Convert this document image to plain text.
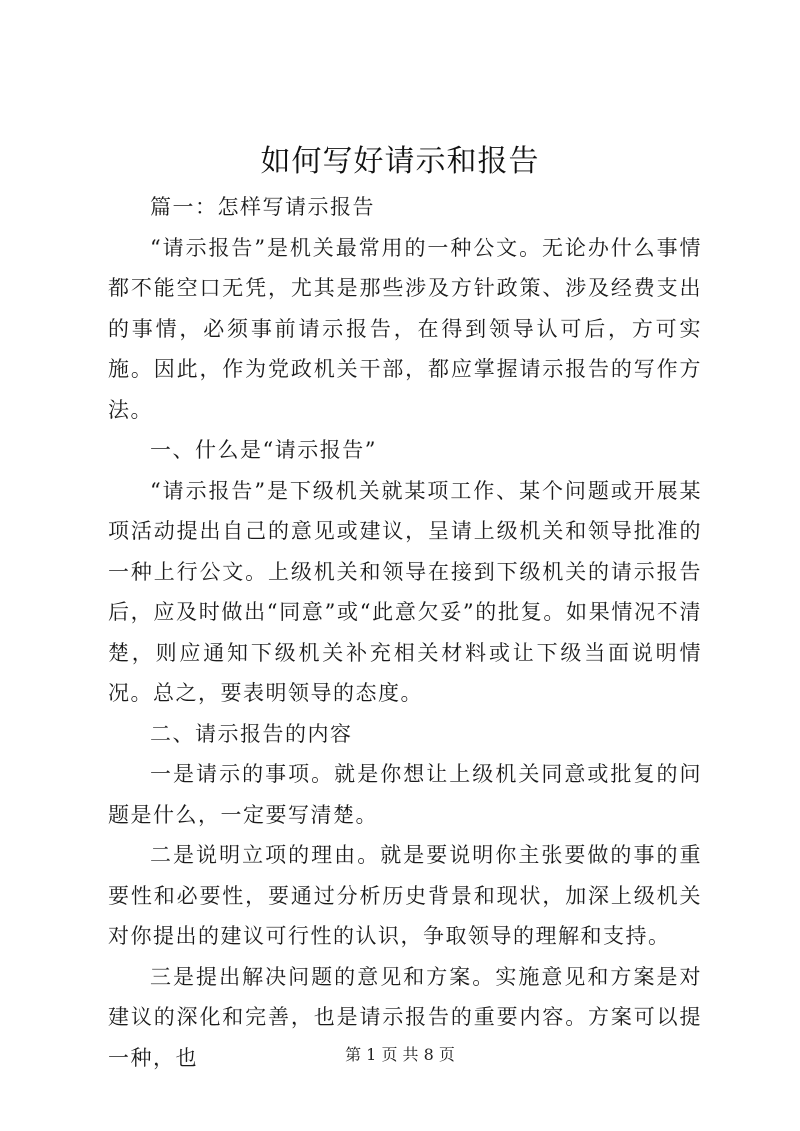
如何写好请示和报告

篇一：怎样写请示报告

“请示报告”是机关最常用的一种公文。无论办什么事情都不能空口无凭，尤其是那些涉及方针政策、涉及经费支出的事情，必须事前请示报告，在得到领导认可后，方可实施。因此，作为党政机关干部，都应掌握请示报告的写作方法。

一、什么是“请示报告”

“请示报告”是下级机关就某项工作、某个问题或开展某项活动提出自己的意见或建议，呈请上级机关和领导批准的一种上行公文。上级机关和领导在接到下级机关的请示报告后，应及时做出“同意”或“此意欠妥”的批复。如果情况不清楚，则应通知下级机关补充相关材料或让下级当面说明情况。总之，要表明领导的态度。

二、请示报告的内容

一是请示的事项。就是你想让上级机关同意或批复的问题是什么，一定要写清楚。

二是说明立项的理由。就是要说明你主张要做的事的重要性和必要性，要通过分析历史背景和现状，加深上级机关对你提出的建议可行性的认识，争取领导的理解和支持。

三是提出解决问题的意见和方案。实施意见和方案是对建议的深化和完善，也是请示报告的重要内容。方案可以提一种，也	第 1 页 共 8 页
